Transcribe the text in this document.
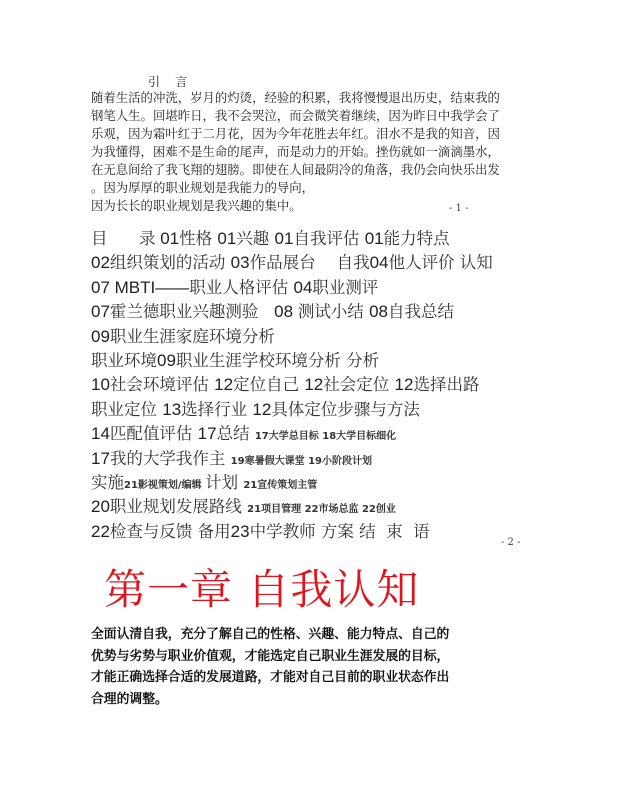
引    言
随着生活的冲洗，岁月的灼烫，经验的积累，我将慢慢退出历史，结束我的
钢笔人生。回堪昨日，我不会哭泣，而会微笑着继续，因为昨日中我学会了
乐观，因为霜叶红于二月花，因为今年花胜去年红。泪水不是我的知音，因
为我懂得，困难不是生命的尾声，而是动力的开始。挫伤就如一滴滴墨水，
在无息间给了我飞翔的翅膀。即使在人间最阴冷的角落，我仍会向快乐出发
。因为厚厚的职业规划是我能力的导向，
因为长长的职业规划是我兴趣的集中。	- 1 -
目 录 01性格 01兴趣 01自我评估 01能力特点
02组织策划的活动 03作品展台    自我04他人评价 认知
07 MBTI——职业人格评估 04职业测评
07霍兰德职业兴趣测验   08 测试小结 08自我总结
09职业生涯家庭环境分析
职业环境09职业生涯学校环境分析 分析
10社会环境评估 12定位自己 12社会定位 12选择出路
职业定位 13选择行业 12具体定位步骤与方法
14匹配值评估 17总结 17大学总目标 18大学目标细化
17我的大学我作主 19寒暑假大课堂 19小阶段计划
实施21影视策划/编辑 计划 21宣传策划主管
20职业规划发展路线 21项目管理 22市场总监 22创业
22检查与反馈 备用23中学教师 方案 结  束  语
- 2 -
第一章 自我认知
全面认清自我，充分了解自己的性格、兴趣、能力特点、自己的
优势与劣势与职业价值观，才能选定自己职业生涯发展的目标，
才能正确选择合适的发展道路，才能对自己目前的职业状态作出
合理的调整。
